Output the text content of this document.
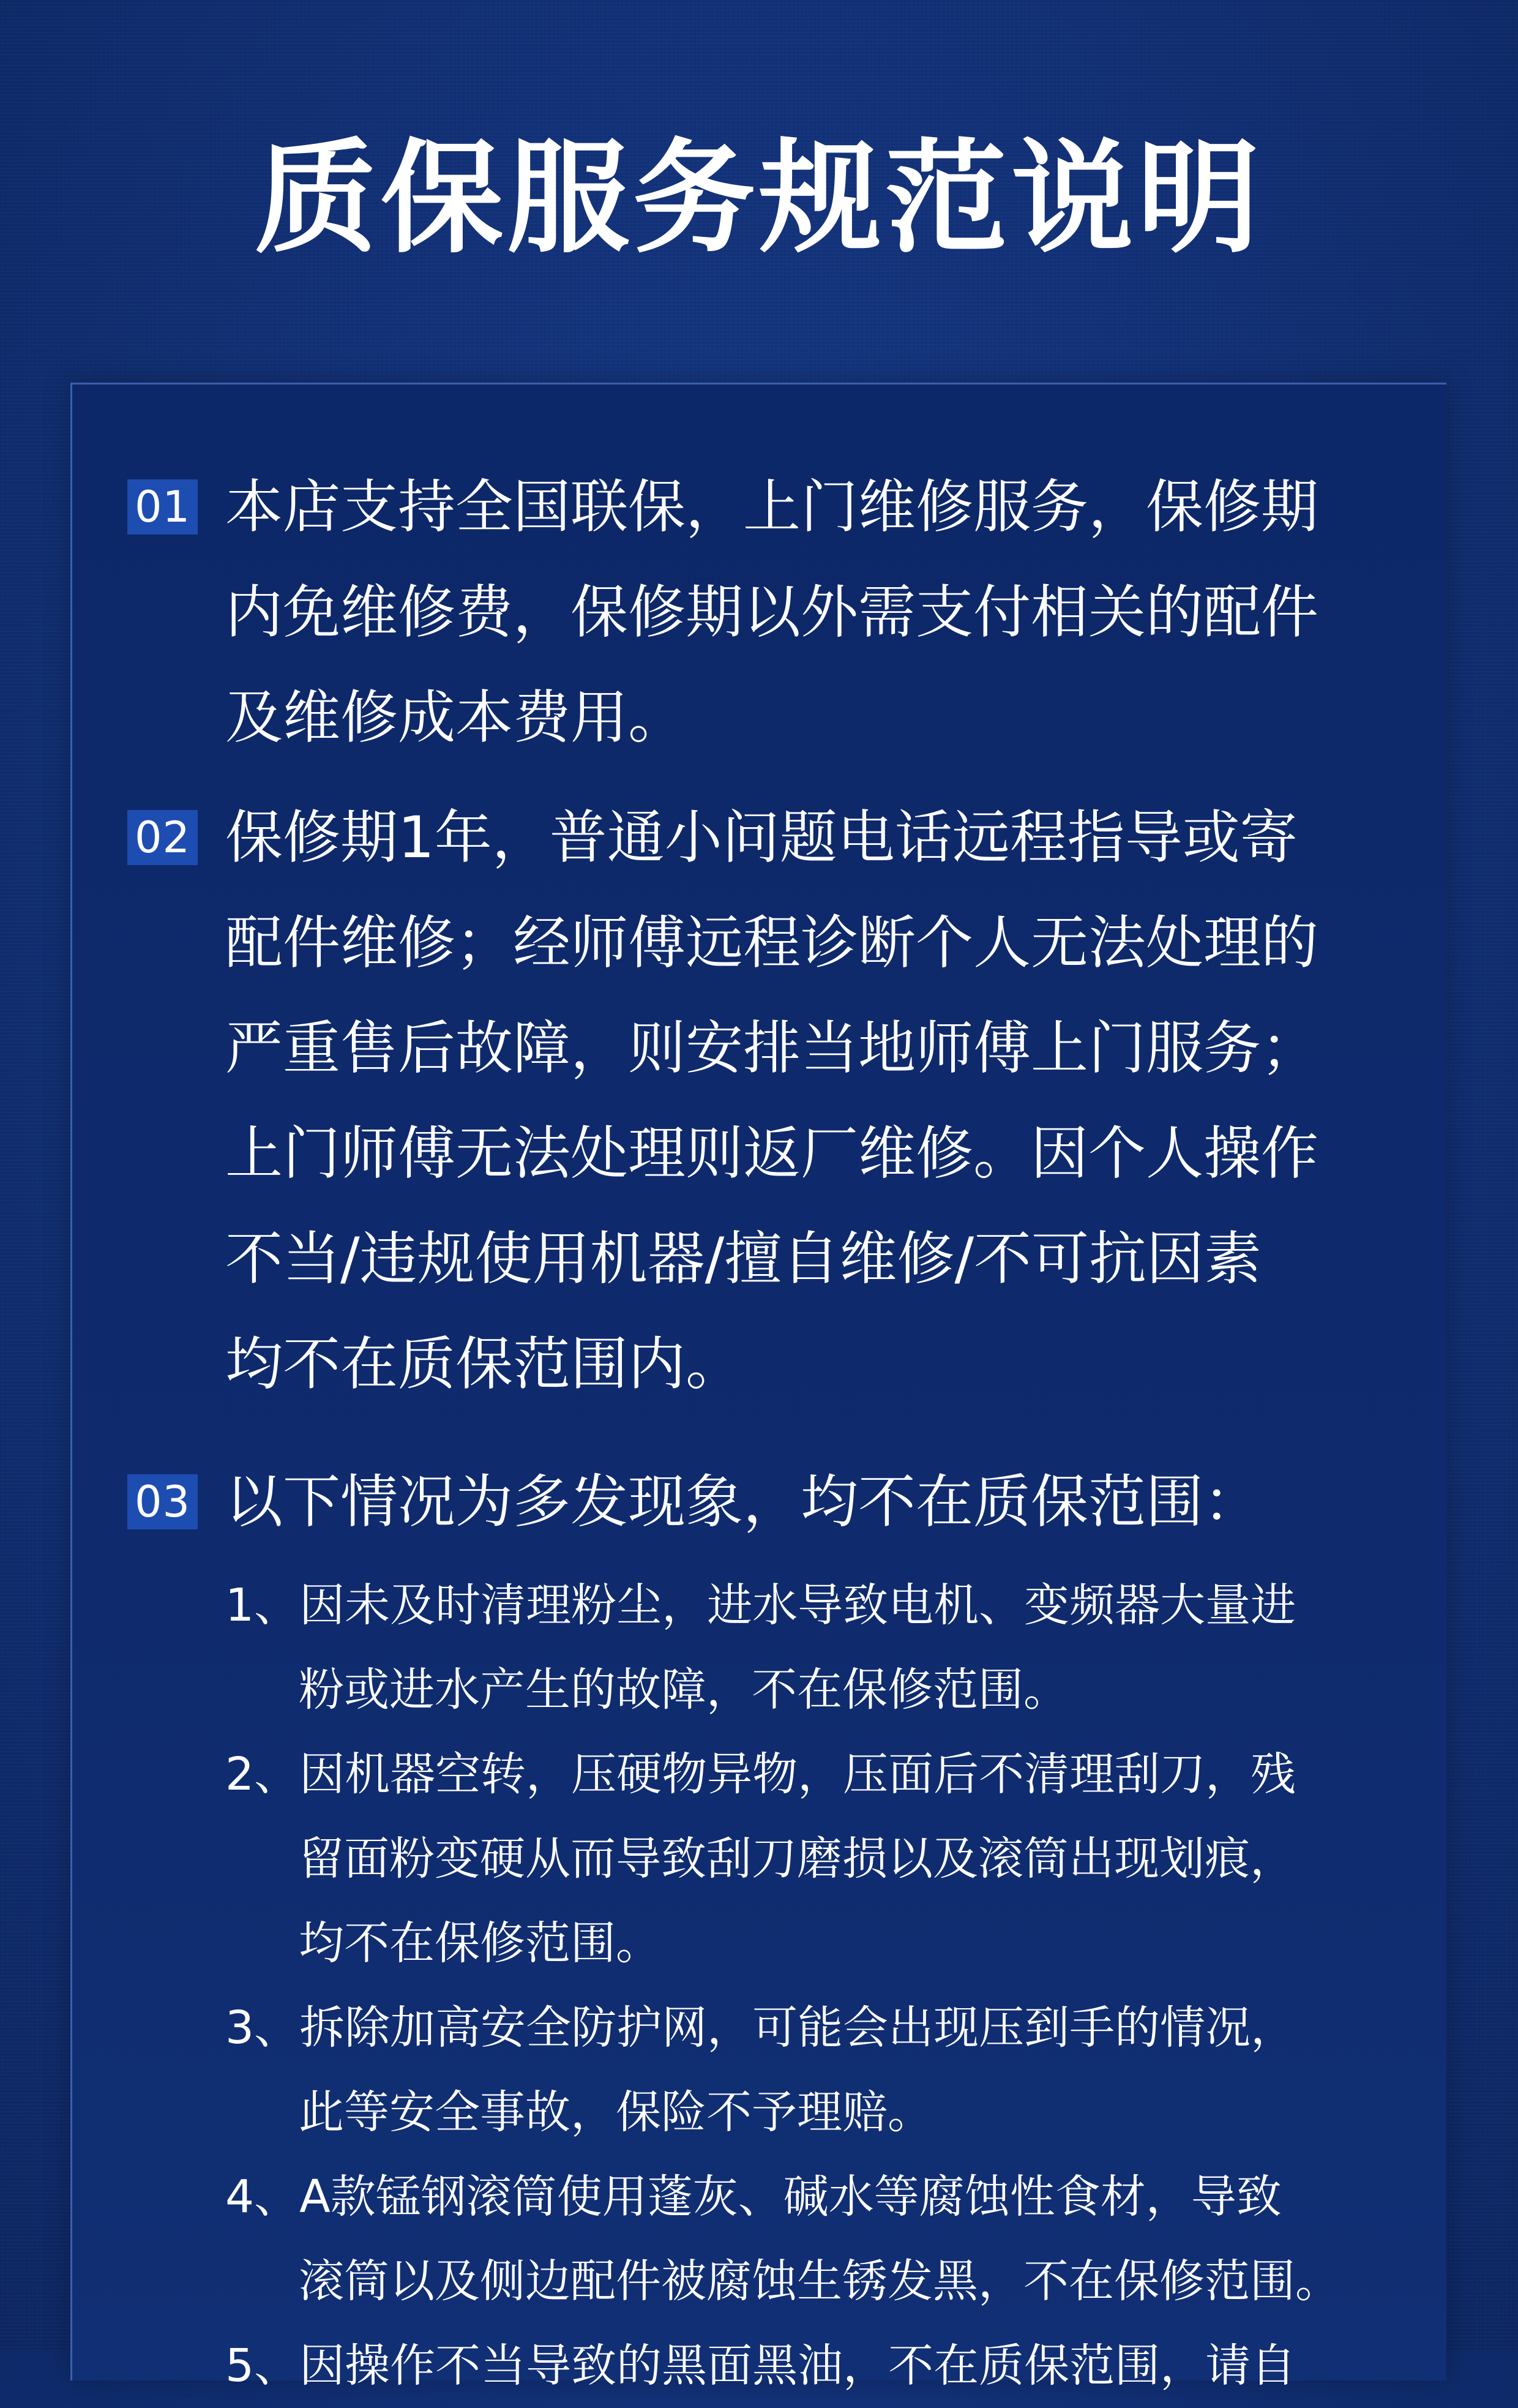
质保服务规范说明
01 本店支持全国联保，上门维修服务，保修期
内免维修费，保修期以外需支付相关的配件
及维修成本费用。
02 保修期1年，普通小问题电话远程指导或寄
配件维修；经师傅远程诊断个人无法处理的
严重售后故障，则安排当地师傅上门服务；
上门师傅无法处理则返厂维修。因个人操作
不当/违规使用机器/擅自维修/不可抗因素
均不在质保范围内。
03 以下情况为多发现象，均不在质保范围：
1、因未及时清理粉尘，进水导致电机、变频器大量进
粉或进水产生的故障，不在保修范围。
2、因机器空转，压硬物异物，压面后不清理刮刀，残
留面粉变硬从而导致刮刀磨损以及滚筒出现划痕，
均不在保修范围。
3、拆除加高安全防护网，可能会出现压到手的情况，
此等安全事故，保险不予理赔。
4、A款锰钢滚筒使用蓬灰、碱水等腐蚀性食材，导致
滚筒以及侧边配件被腐蚀生锈发黑，不在保修范围。
5、因操作不当导致的黑面黑油，不在质保范围，请自
